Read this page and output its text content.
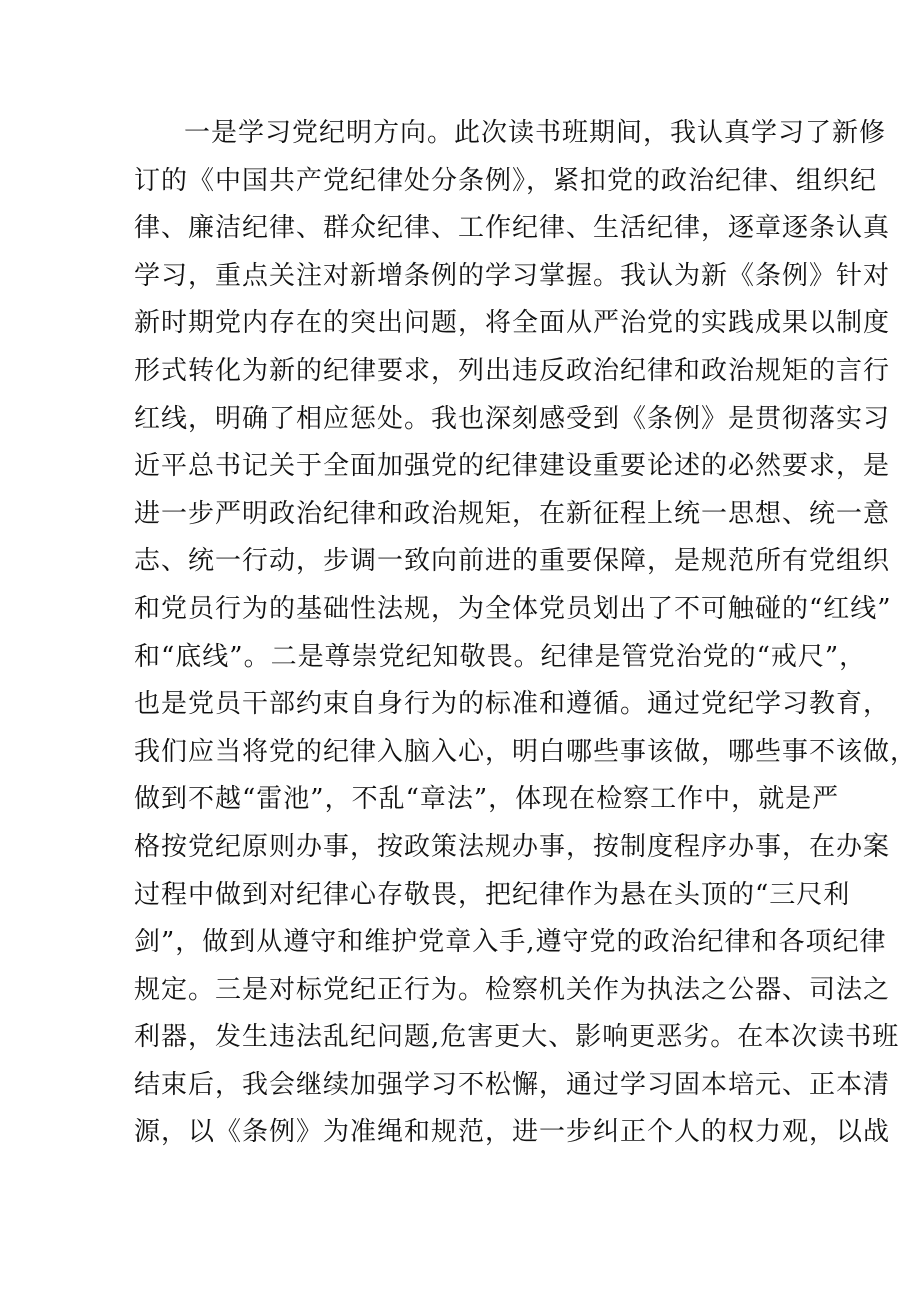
一是学习党纪明方向。此次读书班期间，我认真学习了新修
订的《中国共产党纪律处分条例》，紧扣党的政治纪律、组织纪
律、廉洁纪律、群众纪律、工作纪律、生活纪律，逐章逐条认真
学习，重点关注对新增条例的学习掌握。我认为新《条例》针对
新时期党内存在的突出问题，将全面从严治党的实践成果以制度
形式转化为新的纪律要求，列出违反政治纪律和政治规矩的言行
红线，明确了相应惩处。我也深刻感受到《条例》是贯彻落实习
近平总书记关于全面加强党的纪律建设重要论述的必然要求，是
进一步严明政治纪律和政治规矩，在新征程上统一思想、统一意
志、统一行动，步调一致向前进的重要保障，是规范所有党组织
和党员行为的基础性法规，为全体党员划出了不可触碰的“红线”
和“底线”。二是尊崇党纪知敬畏。纪律是管党治党的“戒尺”，
也是党员干部约束自身行为的标准和遵循。通过党纪学习教育，
我们应当将党的纪律入脑入心，明白哪些事该做，哪些事不该做，
做到不越“雷池”，不乱“章法”，体现在检察工作中，就是严
格按党纪原则办事，按政策法规办事，按制度程序办事，在办案
过程中做到对纪律心存敬畏，把纪律作为悬在头顶的“三尺利
剑”，做到从遵守和维护党章入手,遵守党的政治纪律和各项纪律
规定。三是对标党纪正行为。检察机关作为执法之公器、司法之
利器，发生违法乱纪问题,危害更大、影响更恶劣。在本次读书班
结束后，我会继续加强学习不松懈，通过学习固本培元、正本清
源，以《条例》为准绳和规范，进一步纠正个人的权力观，以战
